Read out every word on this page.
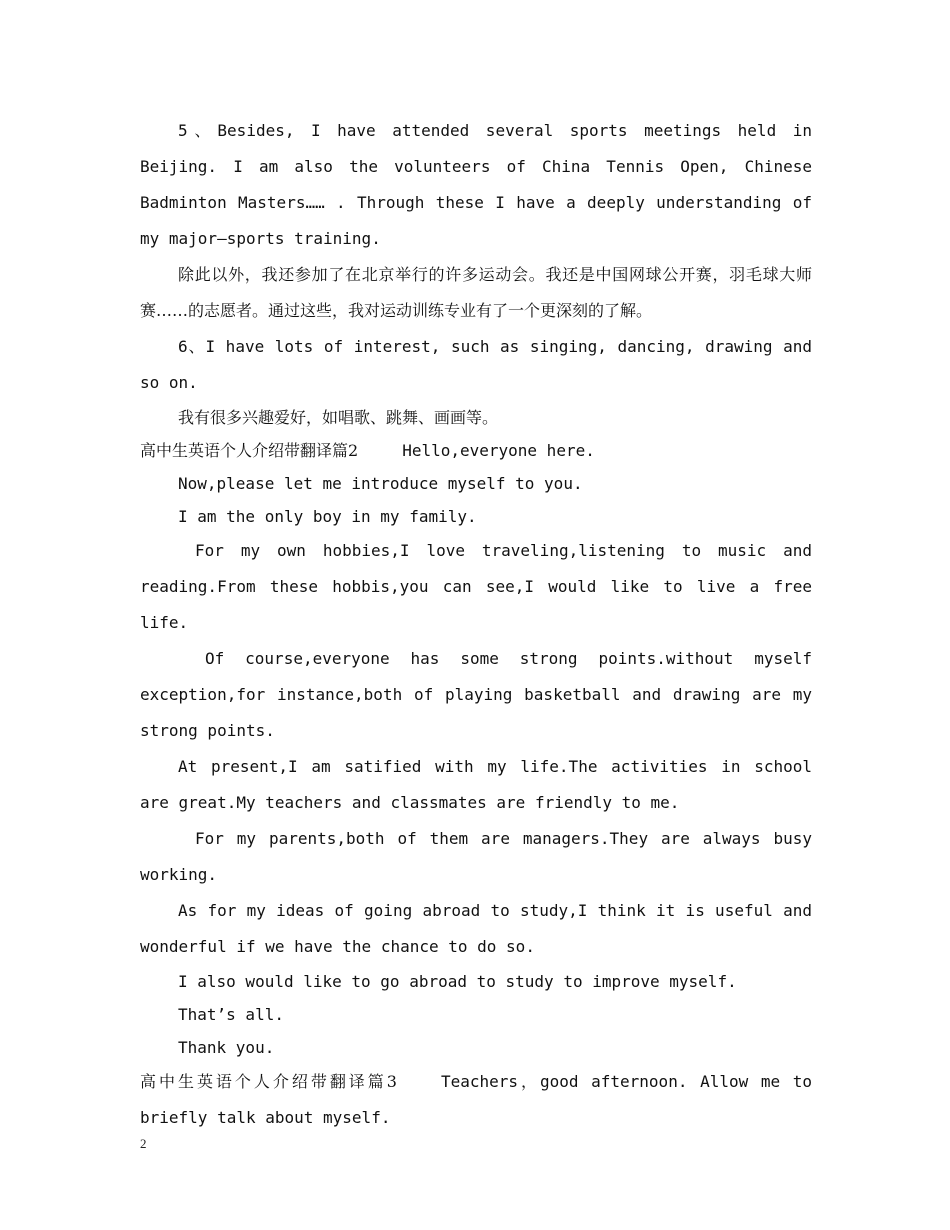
5、Besides, I have attended several sports meetings held in Beijing. I am also the volunteers of China Tennis Open, Chinese Badminton Masters…… . Through these I have a deeply understanding of my major—sports training.

除此以外，我还参加了在北京举行的许多运动会。我还是中国网球公开赛，羽毛球大师赛……的志愿者。通过这些，我对运动训练专业有了一个更深刻的了解。

6、I have lots of interest, such as singing, dancing, drawing and so on.

我有很多兴趣爱好，如唱歌、跳舞、画画等。

高中生英语个人介绍带翻译篇2	Hello,everyone here.

Now,please let me introduce myself to you.

I am the only boy in my family.

For my own hobbies,I love traveling,listening to music and reading.From these hobbis,you can see,I would like to live a free life.

Of course,everyone has some strong points.without myself exception,for instance,both of playing basketball and drawing are my strong points.

At present,I am satified with my life.The activities in school are great.My teachers and classmates are friendly to me.

For my parents,both of them are managers.They are always busy working.

As for my ideas of going abroad to study,I think it is useful and wonderful if we have the chance to do so.

I also would like to go abroad to study to improve myself.

That’s all.

Thank you.

高中生英语个人介绍带翻译篇3	Teachers，good afternoon. Allow me to briefly talk about myself.

2
